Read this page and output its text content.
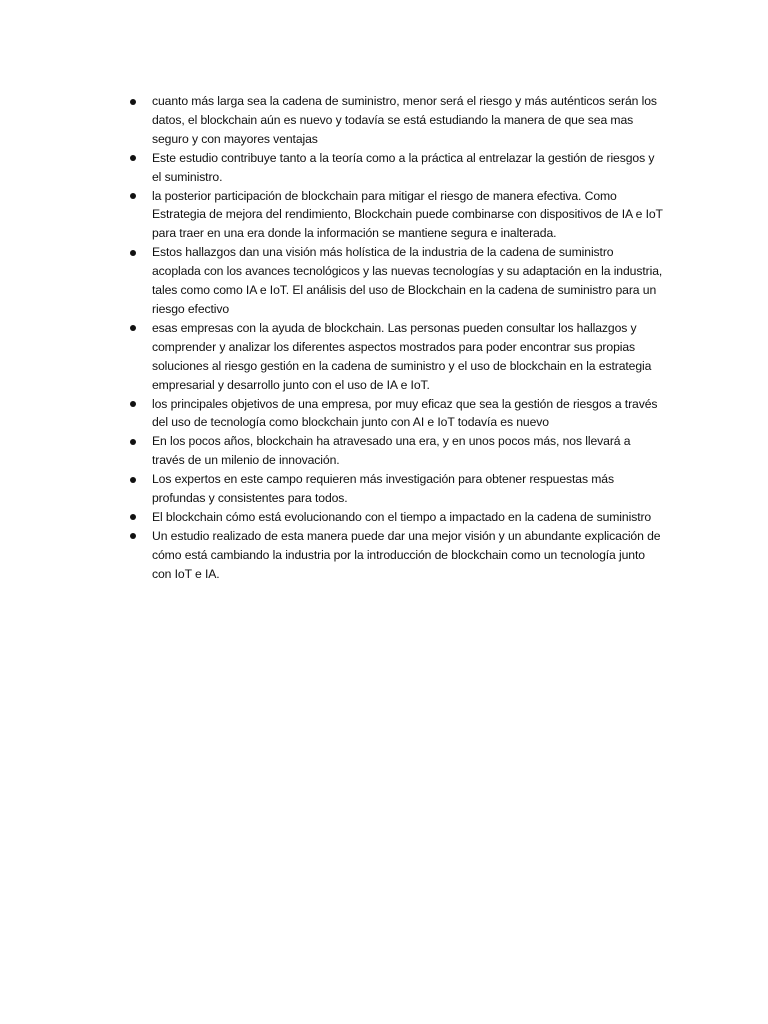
cuanto más larga sea la cadena de suministro, menor será el riesgo y más auténticos serán los datos, el blockchain aún es nuevo y todavía se está estudiando la manera de que sea mas seguro y con mayores ventajas
Este estudio contribuye tanto a la teoría como a la práctica al entrelazar la gestión de riesgos y el suministro.
la posterior participación de blockchain para mitigar el riesgo de manera efectiva. Como Estrategia de mejora del rendimiento, Blockchain puede combinarse con dispositivos de IA e IoT para traer en una era donde la información se mantiene segura e inalterada.
Estos hallazgos dan una visión más holística de la industria de la cadena de suministro acoplada con los avances tecnológicos y las nuevas tecnologías y su adaptación en la industria, tales como como IA e IoT. El análisis del uso de Blockchain en la cadena de suministro para un riesgo efectivo
esas empresas con la ayuda de blockchain. Las personas pueden consultar los hallazgos y comprender y analizar los diferentes aspectos mostrados para poder encontrar sus propias soluciones al riesgo gestión en la cadena de suministro y el uso de blockchain en la estrategia empresarial y desarrollo junto con el uso de IA e IoT.
los principales objetivos de una empresa, por muy eficaz que sea la gestión de riesgos a través del uso de tecnología como blockchain junto con AI e IoT todavía es nuevo
En los pocos años, blockchain ha atravesado una era, y en unos pocos más, nos llevará a través de un milenio de innovación.
Los expertos en este campo requieren más investigación para obtener respuestas más profundas y consistentes para todos.
El blockchain cómo está evolucionando con el tiempo a impactado en la cadena de suministro
Un estudio realizado de esta manera puede dar una mejor visión y un abundante explicación de cómo está cambiando la industria por la introducción de blockchain como un tecnología junto con IoT e IA.
